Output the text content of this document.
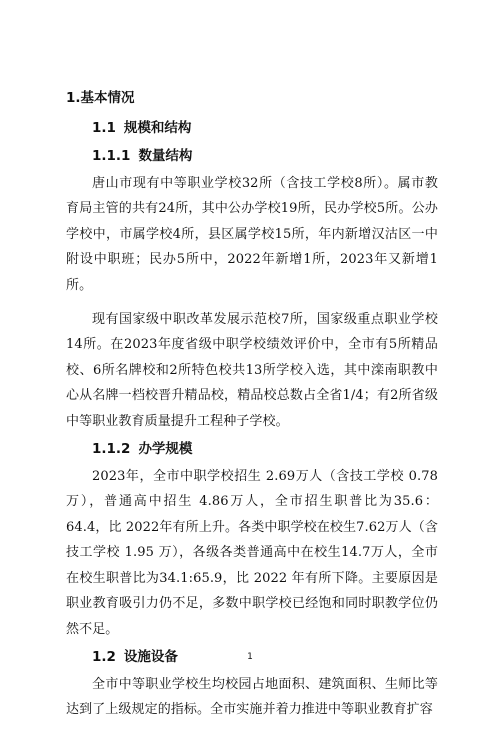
1.基本情况
1.1 规模和结构
1.1.1 数量结构

唐山市现有中等职业学校32所（含技工学校8所）。属市教育局主管的共有24所，其中公办学校19所，民办学校5所。公办学校中，市属学校4所，县区属学校15所，年内新增汉沽区一中附设中职班；民办5所中，2022年新增1所，2023年又新增1所。

现有国家级中职改革发展示范校7所，国家级重点职业学校14所。在2023年度省级中职学校绩效评价中，全市有5所精品校、6所名牌校和2所特色校共13所学校入选，其中滦南职教中心从名牌一档校晋升精品校，精品校总数占全省1/4；有2所省级中等职业教育质量提升工程种子学校。

1.1.2 办学规模

2023年，全市中职学校招生 2.69万人（含技工学校 0.78万），普通高中招生 4.86万人，全市招生职普比为35.6：64.4，比 2022年有所上升。各类中职学校在校生7.62万人（含技工学校 1.95 万），各级各类普通高中在校生14.7万人，全市在校生职普比为34.1:65.9，比 2022 年有所下降。主要原因是职业教育吸引力仍不足，多数中职学校已经饱和同时职教学位仍然不足。

1.2 设施设备

全市中等职业学校生均校园占地面积、建筑面积、生师比等达到了上级规定的指标。全市实施并着力推进中等职业教育扩容

1
